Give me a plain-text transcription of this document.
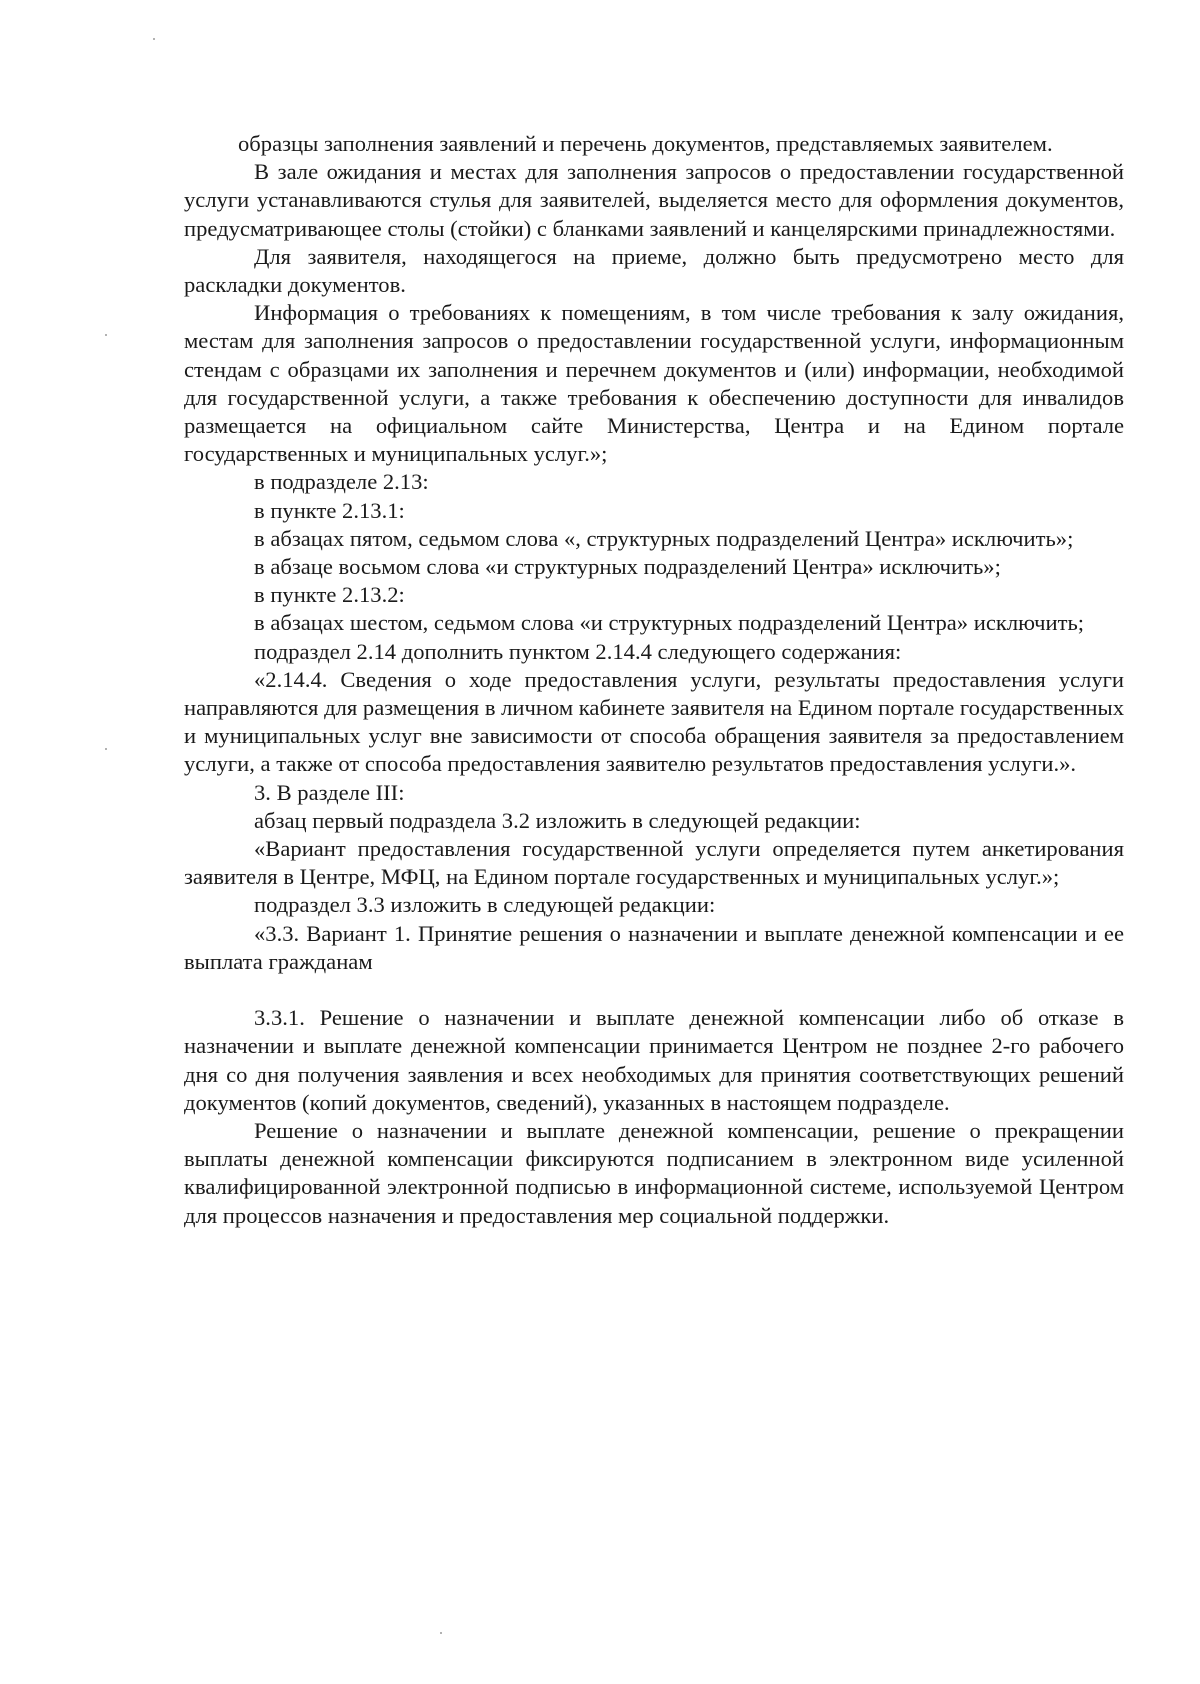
образцы заполнения заявлений и перечень документов, представляемых заявителем.

В зале ожидания и местах для заполнения запросов о предоставлении государственной услуги устанавливаются стулья для заявителей, выделяется место для оформления документов, предусматривающее столы (стойки) с бланками заявлений и канцелярскими принадлежностями.

Для заявителя, находящегося на приеме, должно быть предусмотрено место для раскладки документов.

Информация о требованиях к помещениям, в том числе требования к залу ожидания, местам для заполнения запросов о предоставлении государственной услуги, информационным стендам с образцами их заполнения и перечнем документов и (или) информации, необходимой для государственной услуги, а также требования к обеспечению доступности для инвалидов размещается на официальном сайте Министерства, Центра и на Едином портале государственных и муниципальных услуг.»;

в подразделе 2.13:

в пункте 2.13.1:

в абзацах пятом, седьмом слова «, структурных подразделений Центра» исключить»;

в абзаце восьмом слова «и структурных подразделений Центра» исключить»;

в пункте 2.13.2:

в абзацах шестом, седьмом слова «и структурных подразделений Центра» исключить;

подраздел 2.14 дополнить пунктом 2.14.4 следующего содержания:

«2.14.4. Сведения о ходе предоставления услуги, результаты предоставления услуги направляются для размещения в личном кабинете заявителя на Едином портале государственных и муниципальных услуг вне зависимости от способа обращения заявителя за предоставлением услуги, а также от способа предоставления заявителю результатов предоставления услуги.».

3. В разделе III:

абзац первый подраздела 3.2 изложить в следующей редакции:

«Вариант предоставления государственной услуги определяется путем анкетирования заявителя в Центре, МФЦ, на Едином портале государственных и муниципальных услуг.»;

подраздел 3.3 изложить в следующей редакции:

«3.3. Вариант 1. Принятие решения о назначении и выплате денежной компенсации и ее выплата гражданам

3.3.1. Решение о назначении и выплате денежной компенсации либо об отказе в назначении и выплате денежной компенсации принимается Центром не позднее 2-го рабочего дня со дня получения заявления и всех необходимых для принятия соответствующих решений документов (копий документов, сведений), указанных в настоящем подразделе.

Решение о назначении и выплате денежной компенсации, решение о прекращении выплаты денежной компенсации фиксируются подписанием в электронном виде усиленной квалифицированной электронной подписью в информационной системе, используемой Центром для процессов назначения и предоставления мер социальной поддержки.
